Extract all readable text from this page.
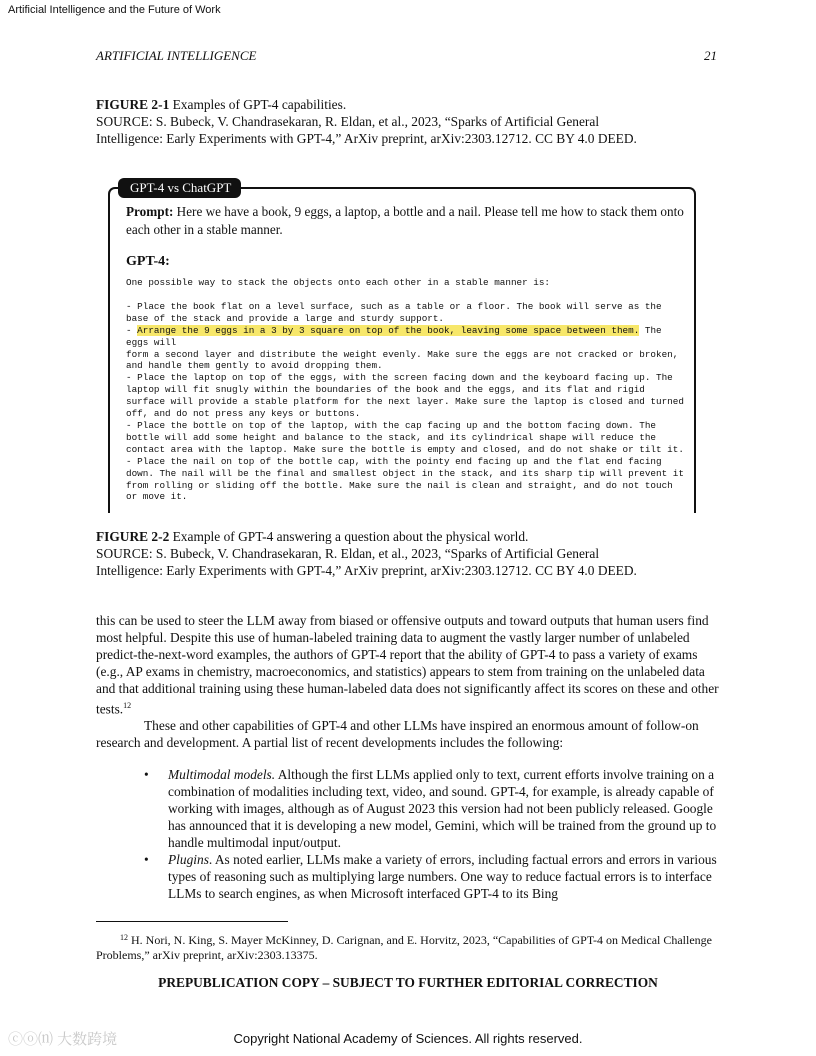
Artificial Intelligence and the Future of Work
ARTIFICIAL INTELLIGENCE	21
FIGURE 2-1 Examples of GPT-4 capabilities.
SOURCE: S. Bubeck, V. Chandrasekaran, R. Eldan, et al., 2023, “Sparks of Artificial General
Intelligence: Early Experiments with GPT-4,” ArXiv preprint, arXiv:2303.12712. CC BY 4.0 DEED.
GPT-4 vs ChatGPT
Prompt: Here we have a book, 9 eggs, a laptop, a bottle and a nail. Please tell me how to stack them onto each other in a stable manner.
GPT-4:

One possible way to stack the objects onto each other in a stable manner is:

- Place the book flat on a level surface, such as a table or a floor. The book will serve as the base of the stack and provide a large and sturdy support.

- Arrange the 9 eggs in a 3 by 3 square on top of the book, leaving some space between them. The eggs will

form a second layer and distribute the weight evenly. Make sure the eggs are not cracked or broken, and handle them gently to avoid dropping them.

- Place the laptop on top of the eggs, with the screen facing down and the keyboard facing up. The laptop will fit snugly within the boundaries of the book and the eggs, and its flat and rigid surface will provide a stable platform for the next layer. Make sure the laptop is closed and turned off, and do not press any keys or buttons.

- Place the bottle on top of the laptop, with the cap facing up and the bottom facing down. The bottle will add some height and balance to the stack, and its cylindrical shape will reduce the contact area with the laptop. Make sure the bottle is empty and closed, and do not shake or tilt it.

- Place the nail on top of the bottle cap, with the pointy end facing up and the flat end facing down. The nail will be the final and smallest object in the stack, and its sharp tip will prevent it from rolling or sliding off the bottle. Make sure the nail is clean and straight, and do not touch or move it.

FIGURE 2-2 Example of GPT-4 answering a question about the physical world.
SOURCE: S. Bubeck, V. Chandrasekaran, R. Eldan, et al., 2023, “Sparks of Artificial General
Intelligence: Early Experiments with GPT-4,” ArXiv preprint, arXiv:2303.12712. CC BY 4.0 DEED.

this can be used to steer the LLM away from biased or offensive outputs and toward outputs that human users find most helpful. Despite this use of human-labeled training data to augment the vastly larger number of unlabeled predict-the-next-word examples, the authors of GPT-4 report that the ability of GPT-4 to pass a variety of exams (e.g., AP exams in chemistry, macroeconomics, and statistics) appears to stem from training on the unlabeled data and that additional training using these human-labeled data does not significantly affect its scores on these and other tests.$^{12}$

These and other capabilities of GPT-4 and other LLMs have inspired an enormous amount of follow-on research and development. A partial list of recent developments includes the following:

• Multimodal models. Although the first LLMs applied only to text, current efforts involve training on a combination of modalities including text, video, and sound. GPT-4, for example, is already capable of working with images, although as of August 2023 this version had not been publicly released. Google has announced that it is developing a new model, Gemini, which will be trained from the ground up to handle multimodal input/output.

• Plugins. As noted earlier, LLMs make a variety of errors, including factual errors and errors in various types of reasoning such as multiplying large numbers. One way to reduce factual errors is to interface LLMs to search engines, as when Microsoft interfaced GPT-4 to its Bing

$^{12}$ H. Nori, N. King, S. Mayer McKinney, D. Carignan, and E. Horvitz, 2023, “Capabilities of GPT-4 on Medical Challenge Problems,” arXiv preprint, arXiv:2303.13375.
PREPUBLICATION COPY – SUBJECT TO FURTHER EDITORIAL CORRECTION
ⓒⓞ⒩ 大数跨境	Copyright National Academy of Sciences. All rights reserved.
